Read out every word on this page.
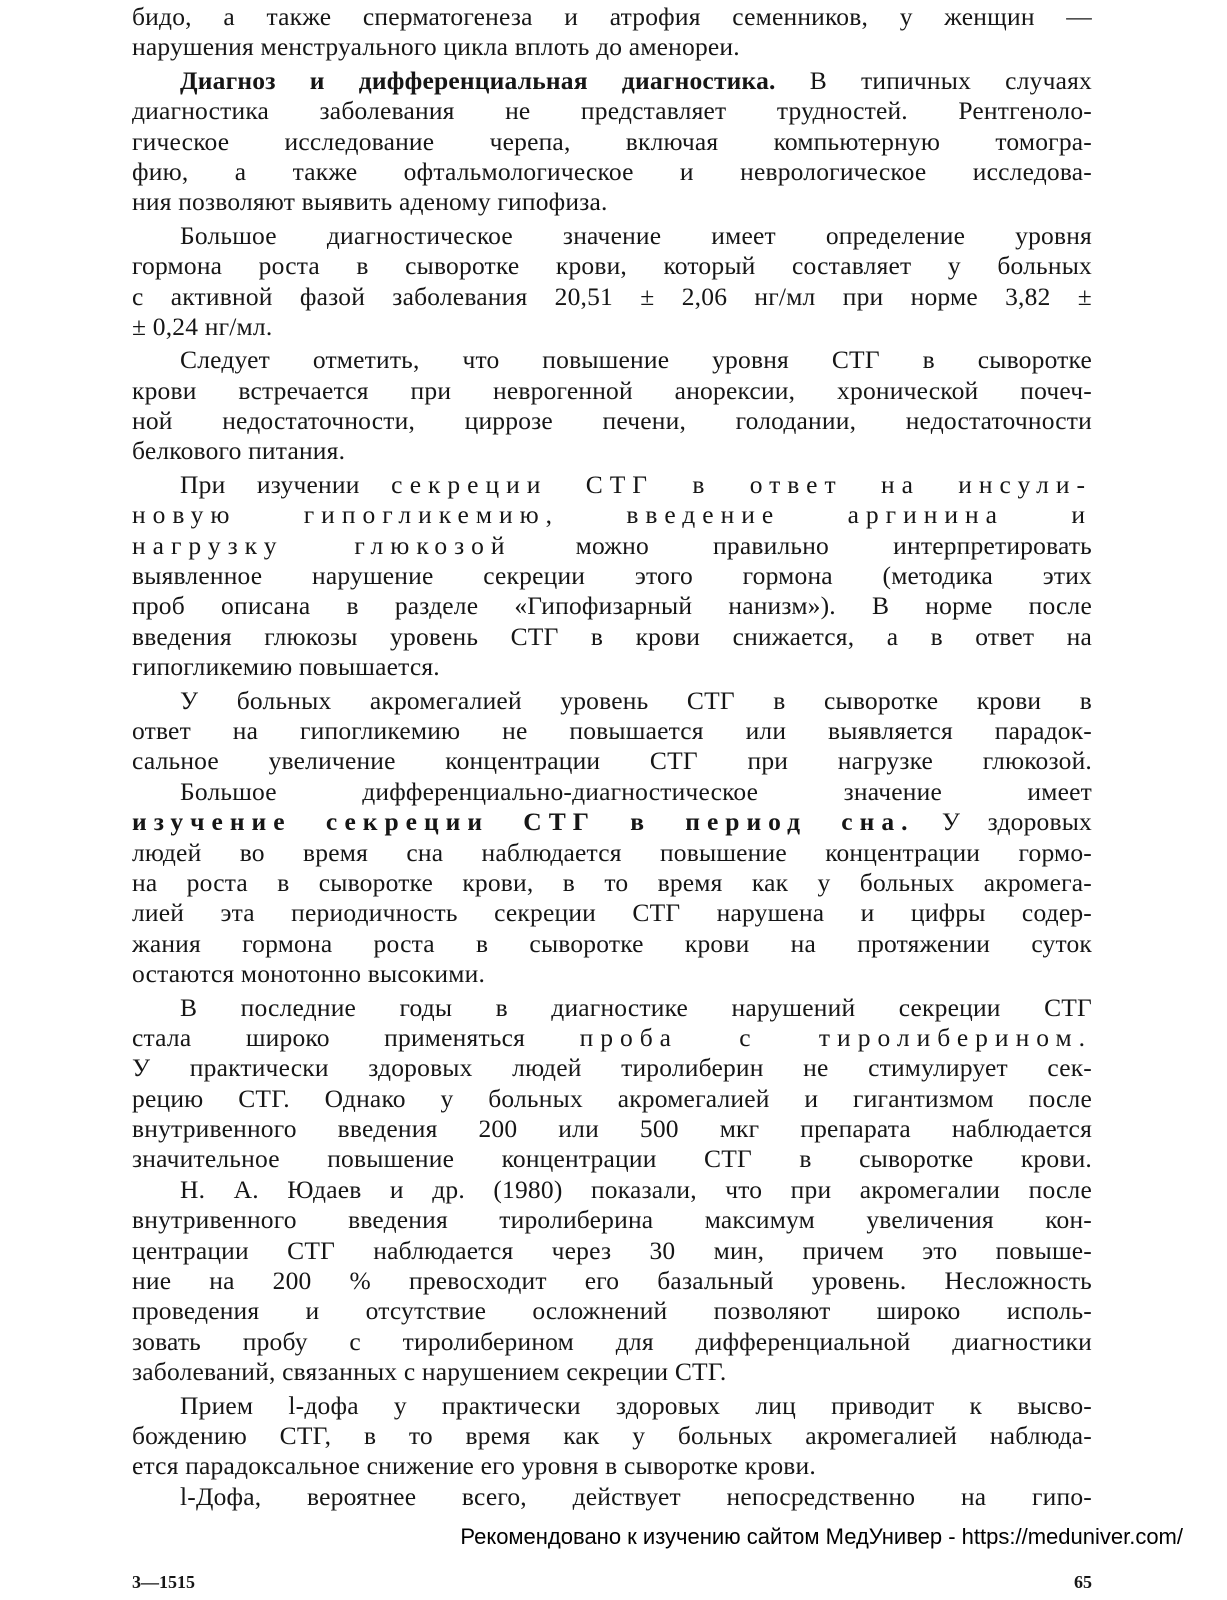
бидо, а также сперматогенеза и атрофия семенников, у женщин —
нарушения менструального цикла вплоть до аменореи.
Диагноз и дифференциальная диагностика. В типичных случаях
диагностика заболевания не представляет трудностей. Рентгеноло-
гическое исследование черепа, включая компьютерную томогра-
фию, а также офтальмологическое и неврологическое исследова-
ния позволяют выявить аденому гипофиза.
Большое диагностическое значение имеет определение уровня
гормона роста в сыворотке крови, который составляет у больных
с активной фазой заболевания 20,51 ± 2,06 нг/мл при норме 3,82 ±
± 0,24 нг/мл.
Следует отметить, что повышение уровня СТГ в сыворотке
крови встречается при неврогенной анорексии, хронической почеч-
ной недостаточности, циррозе печени, голодании, недостаточности
белкового питания.
При изучении секреции СТГ в ответ на инсули-
новую гипогликемию, введение аргинина и
нагрузку глюкозой можно правильно интерпретировать
выявленное нарушение секреции этого гормона (методика этих
проб описана в разделе «Гипофизарный нанизм»). В норме после
введения глюкозы уровень СТГ в крови снижается, а в ответ на
гипогликемию повышается.
У больных акромегалией уровень СТГ в сыворотке крови в
ответ на гипогликемию не повышается или выявляется парадок-
сальное увеличение концентрации СТГ при нагрузке глюкозой.
Большое дифференциально-диагностическое значение имеет
изучение секреции СТГ в период сна. У здоровых
людей во время сна наблюдается повышение концентрации гормо-
на роста в сыворотке крови, в то время как у больных акромега-
лией эта периодичность секреции СТГ нарушена и цифры содер-
жания гормона роста в сыворотке крови на протяжении суток
остаются монотонно высокими.
В последние годы в диагностике нарушений секреции СТГ
стала широко применяться проба с тиролиберином.
У практически здоровых людей тиролиберин не стимулирует сек-
рецию СТГ. Однако у больных акромегалией и гигантизмом после
внутривенного введения 200 или 500 мкг препарата наблюдается
значительное повышение концентрации СТГ в сыворотке крови.
Н. А. Юдаев и др. (1980) показали, что при акромегалии после
внутривенного введения тиролиберина максимум увеличения кон-
центрации СТГ наблюдается через 30 мин, причем это повыше-
ние на 200 % превосходит его базальный уровень. Несложность
проведения и отсутствие осложнений позволяют широко исполь-
зовать пробу с тиролиберином для дифференциальной диагностики
заболеваний, связанных с нарушением секреции СТГ.
Прием l-дофа у практически здоровых лиц приводит к высво-
бождению СТГ, в то время как у больных акромегалией наблюда-
ется парадоксальное снижение его уровня в сыворотке крови.
l-Дофа, вероятнее всего, действует непосредственно на гипо-
Рекомендовано к изучению сайтом МедУнивер - https://meduniver.com/
3—1515	65
